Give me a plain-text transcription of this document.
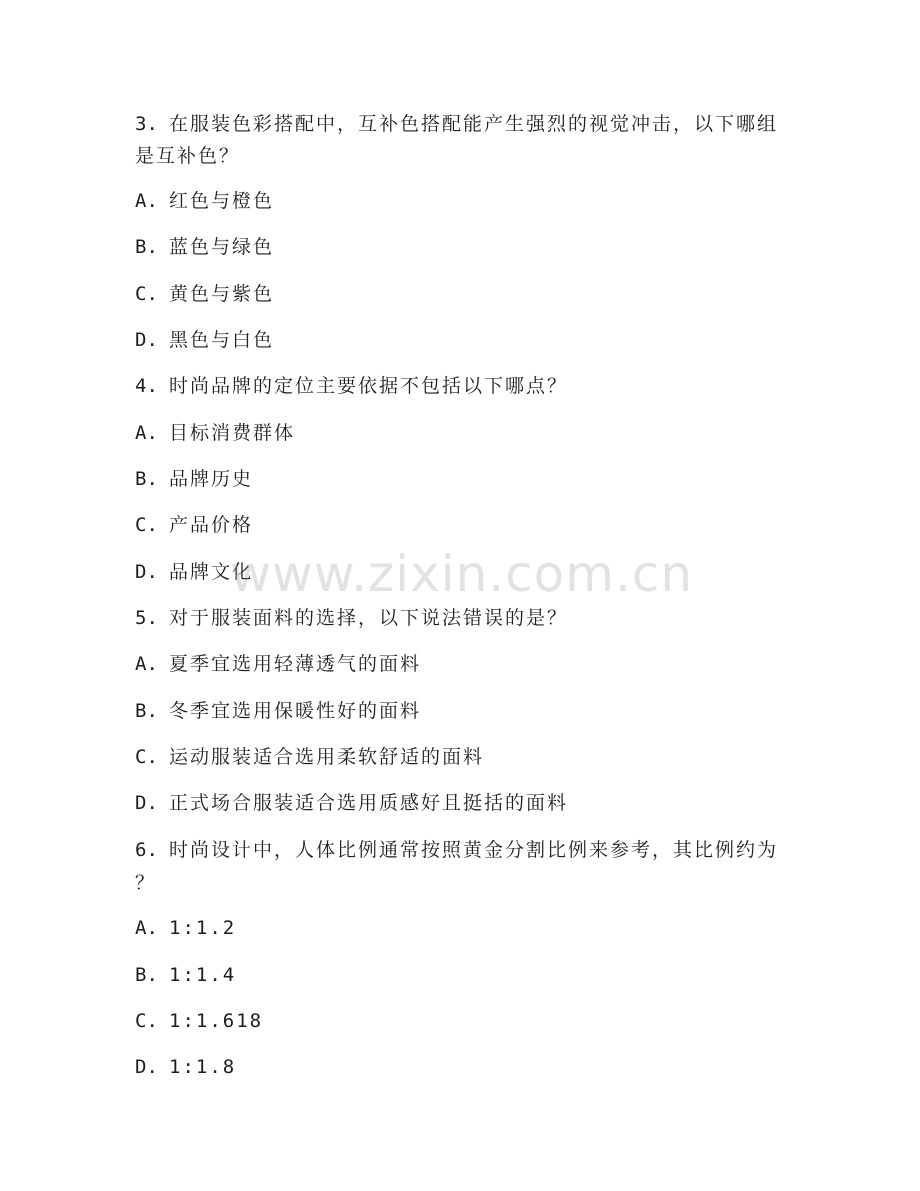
3. 在服装色彩搭配中，互补色搭配能产生强烈的视觉冲击，以下哪组
是互补色？
A. 红色与橙色
B. 蓝色与绿色
C. 黄色与紫色
D. 黑色与白色
4. 时尚品牌的定位主要依据不包括以下哪点？
A. 目标消费群体
B. 品牌历史
C. 产品价格
D. 品牌文化
5. 对于服装面料的选择，以下说法错误的是？
A. 夏季宜选用轻薄透气的面料
B. 冬季宜选用保暖性好的面料
C. 运动服装适合选用柔软舒适的面料
D. 正式场合服装适合选用质感好且挺括的面料
6. 时尚设计中，人体比例通常按照黄金分割比例来参考，其比例约为
？
A. 1:1.2
B. 1:1.4
C. 1:1.618
D. 1:1.8
www.zixin.com.cn
